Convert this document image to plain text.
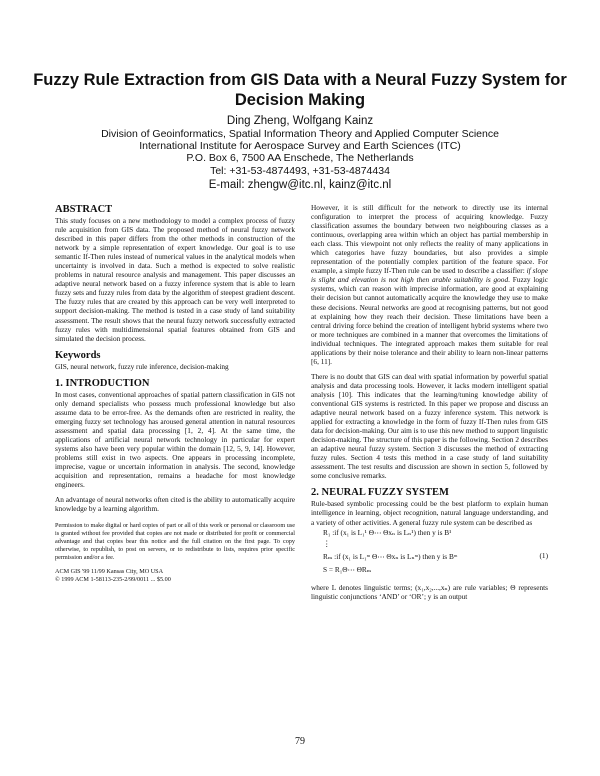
Fuzzy Rule Extraction from GIS Data with a Neural Fuzzy System for Decision Making
Ding Zheng, Wolfgang Kainz
Division of Geoinformatics, Spatial Information Theory and Applied Computer Science
International Institute for Aerospace Survey and Earth Sciences (ITC)
P.O. Box 6, 7500 AA Enschede, The Netherlands
Tel: +31-53-4874493, +31-53-4874434
E-mail: zhengw@itc.nl, kainz@itc.nl
ABSTRACT

This study focuses on a new methodology to model a complex process of fuzzy rule acquisition from GIS data. The proposed method of neural fuzzy network described in this paper differs from the other methods in construction of the network by a simple representation of expert knowledge. Our goal is to use semantic If-Then rules instead of numerical values in the analytical models when uncertainty is involved in data. Such a method is expected to solve realistic problems in natural resource analysis and management. This paper discusses an adaptive neural network based on a fuzzy inference system that is able to learn fuzzy sets and fuzzy rules from data by the algorithm of steepest gradient descent. The fuzzy rules that are created by this approach can be very well interpreted to support decision-making. The method is tested in a case study of land suitability assessment. The result shows that the neural fuzzy network successfully extracted fuzzy rules with multidimensional spatial features obtained from GIS and simulated the decision process.

Keywords

GIS, neural network, fuzzy rule inference, decision-making

1. INTRODUCTION

In most cases, conventional approaches of spatial pattern classification in GIS not only demand specialists who possess much professional knowledge but also assume data to be error-free. As the demands often are restricted in reality, the emerging fuzzy set technology has aroused general attention in natural resources assessment and spatial data processing [1, 2, 4]. At the same time, the applications of artificial neural network technology in particular for expert systems also have been very popular within the domain [12, 5, 9, 14]. However, problems still exist in two aspects. One appears in processing incomplete, imprecise, vague or uncertain information in analysis. The second, knowledge acquisition and representation, remains a headache for most knowledge engineers.

An advantage of neural networks often cited is the ability to automatically acquire knowledge by a learning algorithm.

Permission to make digital or hard copies of part or all of this work or personal or classroom use is granted without fee provided that copies are not made or distributed for profit or commercial advantage and that copies bear this notice and the full citation on the first page. To copy otherwise, to republish, to post on servers, or to redistribute to lists, requires prior specific permission and/or a fee.

ACM GIS '99 11/99 Kansas City, MO USA

© 1999 ACM 1-58113-235-2/99/0011 ... $5.00

However, it is still difficult for the network to directly use its internal configuration to interpret the process of acquiring knowledge. Fuzzy classification assumes the boundary between two neighbouring classes as a continuous, overlapping area within which an object has partial membership in each class. This viewpoint not only reflects the reality of many applications in which categories have fuzzy boundaries, but also provides a simple representation of the potentially complex partition of the feature space. For example, a simple fuzzy If-Then rule can be used to describe a classifier: if slope is slight and elevation is not high then arable suitability is good. Fuzzy logic systems, which can reason with imprecise information, are good at explaining their decision but cannot automatically acquire the knowledge they use to make these decisions. Neural networks are good at recognising patterns, but not good at explaining how they reach their decision. These limitations have been a central driving force behind the creation of intelligent hybrid systems where two or more techniques are combined in a manner that overcomes the limitations of individual techniques. The integrated approach makes them suitable for real applications by their noise tolerance and their ability to learn non-linear patterns [6, 11].

There is no doubt that GIS can deal with spatial information by powerful spatial analysis and data processing tools. However, it lacks modern intelligent spatial analysis [10]. This indicates that the learning/tuning knowledge ability of conventional GIS systems is restricted. In this paper we propose and discuss an adaptive neural network based on a fuzzy inference system. This network is applied for extracting a knowledge in the form of fuzzy If-Then rules from GIS data for decision-making. Our aim is to use this new method to support linguistic decision-making. The structure of this paper is the following. Section 2 describes an adaptive neural fuzzy system. Section 3 discusses the method of extracting fuzzy rules. Section 4 tests this method in a case study of land suitability assessment. The test results and discussion are shown in section 5, followed by some conclusive remarks.

2. NEURAL FUZZY SYSTEM

Rule-based symbolic processing could be the best platform to explain human intelligence in learning, object recognition, natural language understanding, and a variety of other activities. A general fuzzy rule system can be described as

R₁ :if (x₁ is L₁¹ Θ⋯ Θxₙ is Lₙ¹) then y is B¹
⋮
Rₘ :if (x₁ is L₁ᵐ Θ⋯ Θxₙ is Lₙᵐ) then y is Bᵐ
S = R₁Θ⋯ ΘRₘ
(1)

where L denotes linguistic terms; (x₁,x₂,...,xₙ) are rule variables; Θ represents linguistic conjunctions ‘AND’ or ‘OR’; y is an output

79
